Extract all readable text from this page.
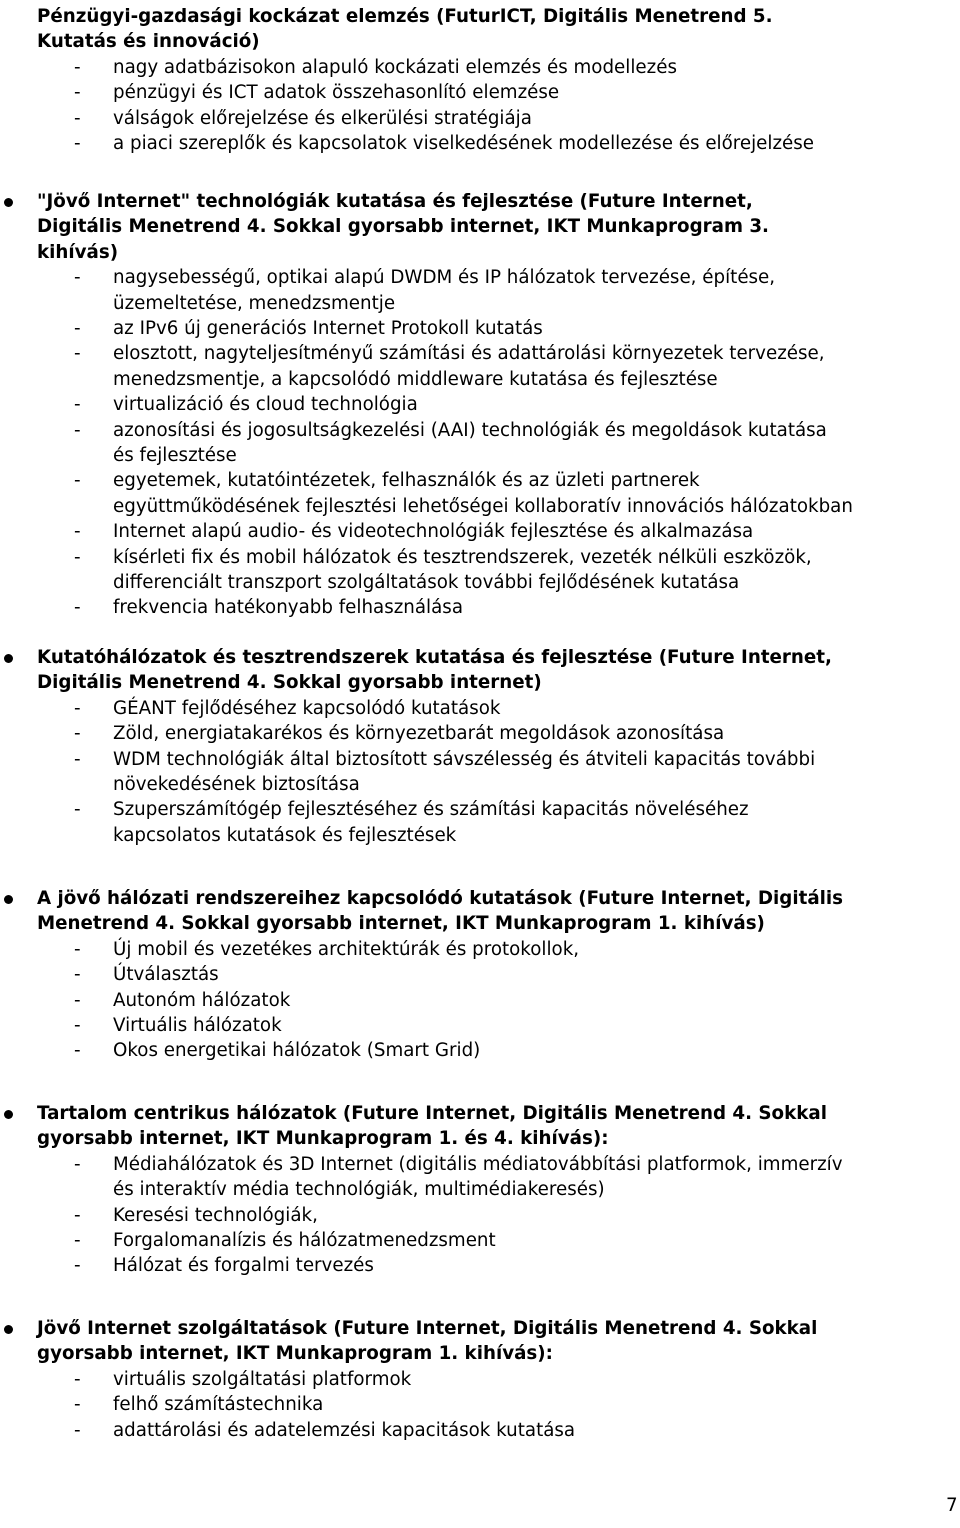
Pénzügyi-gazdasági kockázat elemzés (FuturICT, Digitális Menetrend 5.
Kutatás és innováció)
- nagy adatbázisokon alapuló kockázati elemzés és modellezés
- pénzügyi és ICT adatok összehasonlító elemzése
- válságok előrejelzése és elkerülési stratégiája
- a piaci szereplők és kapcsolatok viselkedésének modellezése és előrejelzése
"Jövő Internet" technológiák kutatása és fejlesztése (Future Internet,
Digitális Menetrend 4. Sokkal gyorsabb internet, IKT Munkaprogram 3.
kihívás)
- nagysebességű, optikai alapú DWDM és IP hálózatok tervezése, építése,
üzemeltetése, menedzsmentje
- az IPv6 új generációs Internet Protokoll kutatás
- elosztott, nagyteljesítményű számítási és adattárolási környezetek tervezése,
menedzsmentje, a kapcsolódó middleware kutatása és fejlesztése
- virtualizáció és cloud technológia
- azonosítási és jogosultságkezelési (AAI) technológiák és megoldások kutatása
és fejlesztése
- egyetemek, kutatóintézetek, felhasználók és az üzleti partnerek
együttműködésének fejlesztési lehetőségei kollaboratív innovációs hálózatokban
- Internet alapú audio- és videotechnológiák fejlesztése és alkalmazása
- kísérleti fix és mobil hálózatok és tesztrendszerek, vezeték nélküli eszközök,
differenciált transzport szolgáltatások további fejlődésének kutatása
- frekvencia hatékonyabb felhasználása
Kutatóhálózatok és tesztrendszerek kutatása és fejlesztése (Future Internet,
Digitális Menetrend 4. Sokkal gyorsabb internet)
- GÉANT fejlődéséhez kapcsolódó kutatások
- Zöld, energiatakarékos és környezetbarát megoldások azonosítása
- WDM technológiák által biztosított sávszélesség és átviteli kapacitás további
növekedésének biztosítása
- Szuperszámítógép fejlesztéséhez és számítási kapacitás növeléséhez
kapcsolatos kutatások és fejlesztések
A jövő hálózati rendszereihez kapcsolódó kutatások (Future Internet, Digitális
Menetrend 4. Sokkal gyorsabb internet, IKT Munkaprogram 1. kihívás)
- Új mobil és vezetékes architektúrák és protokollok,
- Útválasztás
- Autonóm hálózatok
- Virtuális hálózatok
- Okos energetikai hálózatok (Smart Grid)
Tartalom centrikus hálózatok (Future Internet, Digitális Menetrend 4. Sokkal
gyorsabb internet, IKT Munkaprogram 1. és 4. kihívás):
- Médiahálózatok és 3D Internet (digitális médiatovábbítási platformok, immerzív
és interaktív média technológiák, multimédiakeresés)
- Keresési technológiák,
- Forgalomanalízis és hálózatmenedzsment
- Hálózat és forgalmi tervezés
Jövő Internet szolgáltatások (Future Internet, Digitális Menetrend 4. Sokkal
gyorsabb internet, IKT Munkaprogram 1. kihívás):
- virtuális szolgáltatási platformok
- felhő számítástechnika
- adattárolási és adatelemzési kapacitások kutatása
7
